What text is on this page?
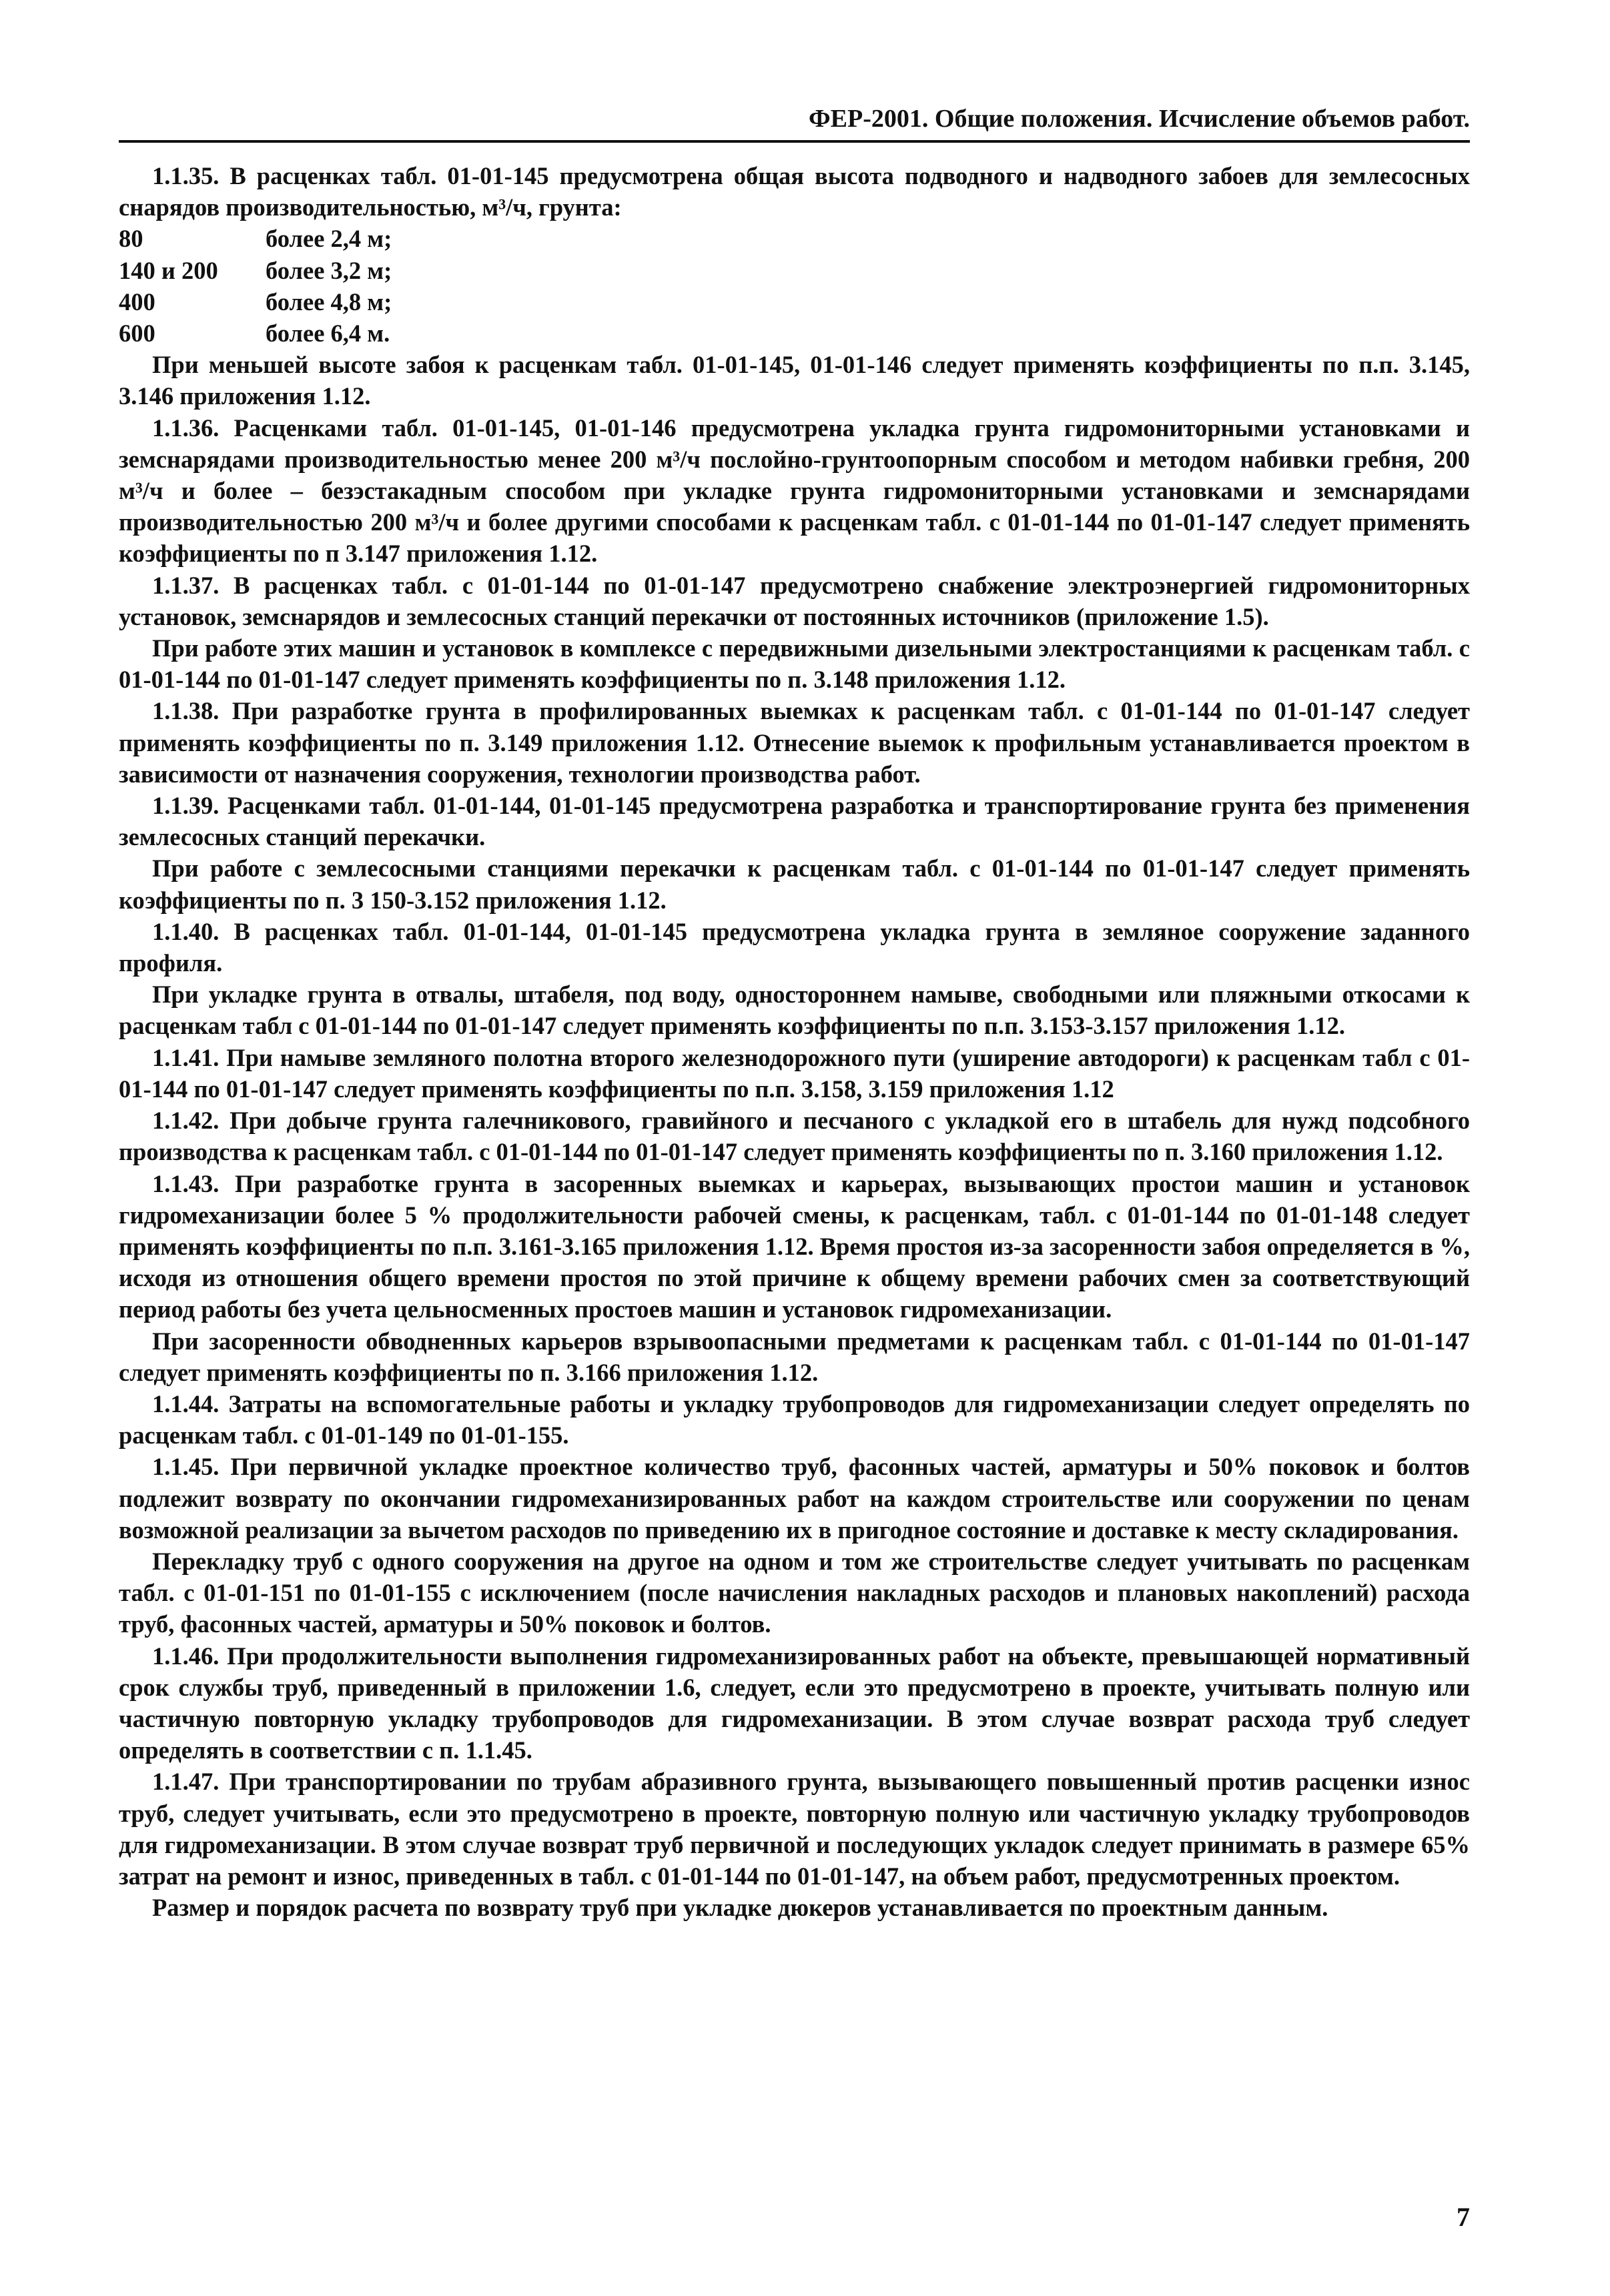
ФЕР-2001. Общие положения. Исчисление объемов работ.

1.1.35. В расценках табл. 01-01-145 предусмотрена общая высота подводного и надводного забоев для землесосных снарядов производительностью, м³/ч, грунта:

80	более 2,4 м;
140 и 200	более 3,2 м;
400	более 4,8 м;
600	более 6,4 м.

При меньшей высоте забоя к расценкам табл. 01-01-145, 01-01-146 следует применять коэффициенты по п.п. 3.145, 3.146 приложения 1.12.

1.1.36. Расценками табл. 01-01-145, 01-01-146 предусмотрена укладка грунта гидромониторными установками и земснарядами производительностью менее 200 м³/ч послойно-грунтоопорным способом и методом набивки гребня, 200 м³/ч и более – безэстакадным способом при укладке грунта гидромониторными установками и земснарядами производительностью 200 м³/ч и более другими способами к расценкам табл. с 01-01-144 по 01-01-147 следует применять коэффициенты по п 3.147 приложения 1.12.

1.1.37. В расценках табл. с 01-01-144 по 01-01-147 предусмотрено снабжение электроэнергией гидромониторных установок, земснарядов и землесосных станций перекачки от постоянных источников (приложение 1.5).

При работе этих машин и установок в комплексе с передвижными дизельными электростанциями к расценкам табл. с 01-01-144 по 01-01-147 следует применять коэффициенты по п. 3.148 приложения 1.12.

1.1.38. При разработке грунта в профилированных выемках к расценкам табл. с 01-01-144 по 01-01-147 следует применять коэффициенты по п. 3.149 приложения 1.12. Отнесение выемок к профильным устанавливается проектом в зависимости от назначения сооружения, технологии производства работ.

1.1.39. Расценками табл. 01-01-144, 01-01-145 предусмотрена разработка и транспортирование грунта без применения землесосных станций перекачки.

При работе с землесосными станциями перекачки к расценкам табл. с 01-01-144 по 01-01-147 следует применять коэффициенты по п. 3 150-3.152 приложения 1.12.

1.1.40. В расценках табл. 01-01-144, 01-01-145 предусмотрена укладка грунта в земляное сооружение заданного профиля.

При укладке грунта в отвалы, штабеля, под воду, одностороннем намыве, свободными или пляжными откосами к расценкам табл с 01-01-144 по 01-01-147 следует применять коэффициенты по п.п. 3.153-3.157 приложения 1.12.

1.1.41. При намыве земляного полотна второго железнодорожного пути (уширение автодороги) к расценкам табл с 01-01-144 по 01-01-147 следует применять коэффициенты по п.п. 3.158, 3.159 приложения 1.12

1.1.42. При добыче грунта галечникового, гравийного и песчаного с укладкой его в штабель для нужд подсобного производства к расценкам табл. с 01-01-144 по 01-01-147 следует применять коэффициенты по п. 3.160 приложения 1.12.

1.1.43. При разработке грунта в засоренных выемках и карьерах, вызывающих простои машин и установок гидромеханизации более 5 % продолжительности рабочей смены, к расценкам, табл. с 01-01-144 по 01-01-148 следует применять коэффициенты по п.п. 3.161-3.165 приложения 1.12. Время простоя из-за засоренности забоя определяется в %, исходя из отношения общего времени простоя по этой причине к общему времени рабочих смен за соответствующий период работы без учета цельносменных простоев машин и установок гидромеханизации.

При засоренности обводненных карьеров взрывоопасными предметами к расценкам табл. с 01-01-144 по 01-01-147 следует применять коэффициенты по п. 3.166 приложения 1.12.

1.1.44. Затраты на вспомогательные работы и укладку трубопроводов для гидромеханизации следует определять по расценкам табл. с 01-01-149 по 01-01-155.

1.1.45. При первичной укладке проектное количество труб, фасонных частей, арматуры и 50% поковок и болтов подлежит возврату по окончании гидромеханизированных работ на каждом строительстве или сооружении по ценам возможной реализации за вычетом расходов по приведению их в пригодное состояние и доставке к месту складирования.

Перекладку труб с одного сооружения на другое на одном и том же строительстве следует учитывать по расценкам табл. с 01-01-151 по 01-01-155 с исключением (после начисления накладных расходов и плановых накоплений) расхода труб, фасонных частей, арматуры и 50% поковок и болтов.

1.1.46. При продолжительности выполнения гидромеханизированных работ на объекте, превышающей нормативный срок службы труб, приведенный в приложении 1.6, следует, если это предусмотрено в проекте, учитывать полную или частичную повторную укладку трубопроводов для гидромеханизации. В этом случае возврат расхода труб следует определять в соответствии с п. 1.1.45.

1.1.47. При транспортировании по трубам абразивного грунта, вызывающего повышенный против расценки износ труб, следует учитывать, если это предусмотрено в проекте, повторную полную или частичную укладку трубопроводов для гидромеханизации. В этом случае возврат труб первичной и последующих укладок следует принимать в размере 65% затрат на ремонт и износ, приведенных в табл. с 01-01-144 по 01-01-147, на объем работ, предусмотренных проектом.

Размер и порядок расчета по возврату труб при укладке дюкеров устанавливается по проектным данным.

7
